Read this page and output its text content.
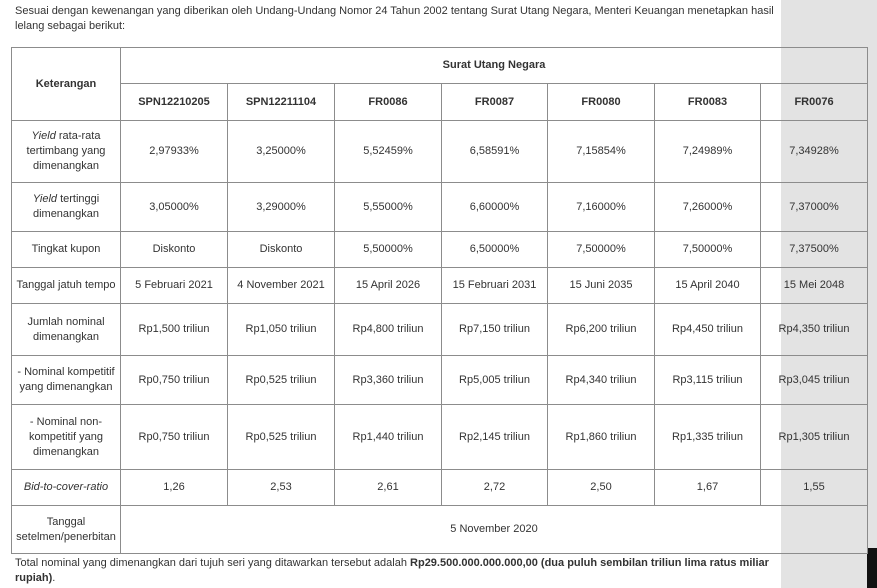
Sesuai dengan kewenangan yang diberikan oleh Undang-Undang Nomor 24 Tahun 2002 tentang Surat Utang Negara, Menteri Keuangan menetapkan hasil lelang sebagai berikut:
Keterangan	Surat Utang Negara						
	SPN12210205	SPN12211104	FR0086	FR0087	FR0080	FR0083	FR0076
Yield rata-rata tertimbang yang dimenangkan	2,97933%	3,25000%	5,52459%	6,58591%	7,15854%	7,24989%	7,34928%
Yield tertinggi dimenangkan	3,05000%	3,29000%	5,55000%	6,60000%	7,16000%	7,26000%	7,37000%
Tingkat kupon	Diskonto	Diskonto	5,50000%	6,50000%	7,50000%	7,50000%	7,37500%
Tanggal jatuh tempo	5 Februari 2021	4 November 2021	15 April 2026	15 Februari 2031	15 Juni 2035	15 April 2040	15 Mei 2048
Jumlah nominal dimenangkan	Rp1,500 triliun	Rp1,050 triliun	Rp4,800 triliun	Rp7,150 triliun	Rp6,200 triliun	Rp4,450 triliun	Rp4,350 triliun
- Nominal kompetitif yang dimenangkan	Rp0,750 triliun	Rp0,525 triliun	Rp3,360 triliun	Rp5,005 triliun	Rp4,340 triliun	Rp3,115 triliun	Rp3,045 triliun
- Nominal non-kompetitif yang dimenangkan	Rp0,750 triliun	Rp0,525 triliun	Rp1,440 triliun	Rp2,145 triliun	Rp1,860 triliun	Rp1,335 triliun	Rp1,305 triliun
Bid-to-cover-ratio	1,26	2,53	2,61	2,72	2,50	1,67	1,55
Tanggal setelmen/penerbitan	5 November 2020						
Total nominal yang dimenangkan dari tujuh seri yang ditawarkan tersebut adalah Rp29.500.000.000.000,00 (dua puluh sembilan triliun lima ratus miliar rupiah).
